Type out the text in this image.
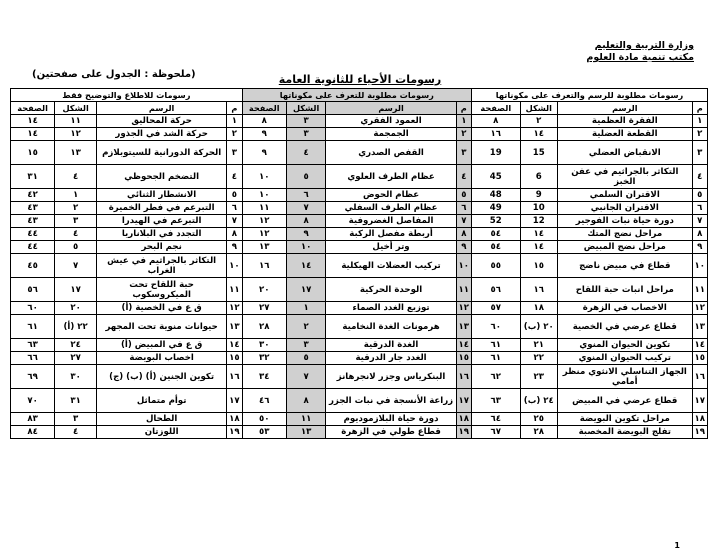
وزارة التربية والتعليم
مكتب تنمية مادة العلوم
رسومات الأحياء للثانوية العامة
(ملحوظة : الجدول على صفحتين)
رسومات مطلوبة للرسم والتعرف على مكوناتها				رسومات مطلوبة للتعرف على مكوناتها				رسومات للاطلاع والتوضيح فقط			
م	الرسم	الشكل	الصفحة	م	الرسم	الشكل	الصفحة	م	الرسم	الشكل	الصفحة
١	الفقرة العظمية	٢	٨	١	العمود الفقري	٣	٨	١	حركة المحاليق	١١	١٤
٢	القطعة العضلية	١٤	١٦	٢	الجمجمة	٣	٩	٢	حركة الشد في الجذور	١٢	١٤
٣	الانقباض العضلي	15	19	٣	القفص الصدري	٤	٩	٣	الحركة الدورانية للسيتوبلازم	١٣	١٥
٤	التكاثر بالجراثيم في عفن الخبز	6	45	٤	عظام الطرف العلوي	٥	١٠	٤	التضخم الجحوظي	٤	٣١
٥	الاقتران السلمي	9	48	٥	عظام الحوض	٦	١٠	٥	الانشطار الثنائي	١	٤٢
٦	الاقتران الجانبي	10	49	٦	عظام الطرف السفلي	٧	١١	٦	التبرعم في فطر الخميرة	٢	٤٣
٧	دورة حياة نبات الفوجير	12	52	٧	المفاصل الغضروفية	٨	١٢	٧	التبرعم في الهيدرا	٣	٤٣
٨	مراحل نضج المتك	١٤	٥٤	٨	أربطة مفصل الركبة	٩	١٢	٨	التجدد في البلاناريا	٤	٤٤
٩	مراحل نضج المبيض	١٤	٥٤	٩	وتر أخيل	١٠	١٣	٩	نجم البحر	٥	٤٤
١٠	قطاع في مبيض ناضج	١٥	٥٥	١٠	تركيب العضلات الهيكلية	١٤	١٦	١٠	التكاثر بالجراثيم في عيش الغراب	٧	٤٥
١١	مراحل انبات حبة اللقاح	١٦	٥٦	١١	الوحدة الحركية	١٧	٢٠	١١	حبة اللقاح تحت الميكروسكوب	١٧	٥٦
١٢	الاخصاب في الزهرة	١٨	٥٧	١٢	توزيع الغدد الصماء	١	٢٧	١٢	ق ع في الخصية (أ)	٢٠	٦٠
١٣	قطاع عرضي في الخصية	٢٠ (ب)	٦٠	١٣	هرمونات الغدة النخامية	٢	٢٨	١٣	حيوانات منوية تحت المجهر	٢٢ (أ)	٦١
١٤	تكوين الحيوان المنوي	٢١	٦١	١٤	الغدة الدرقية	٣	٣٠	١٤	ق ع في المبيض (أ)	٢٤	٦٣
١٥	تركيب الحيوان المنوي	٢٢	٦١	١٥	الغدد جار الدرقية	٥	٣٢	١٥	اخصاب البويضة	٢٧	٦٦
١٦	الجهاز التناسلي الانثوي منظر أمامي	٢٣	٦٢	١٦	البنكرياس وجزر لانجرهانز	٧	٣٤	١٦	تكوين الجنين (أ) (ب) (ج)	٣٠	٦٩
١٧	قطاع عرضي في المبيض	٢٤ (ب)	٦٣	١٧	زراعة الأنسجة في نبات الجزر	٨	٤٦	١٧	توأم متماثل	٣١	٧٠
١٨	مراحل تكوين البويضة	٢٥	٦٤	١٨	دورة حياة البلازموديوم	١١	٥٠	١٨	الطحال	٣	٨٣
١٩	تفلج البويضة المخصبة	٢٨	٦٧	١٩	قطاع طولي في الزهرة	١٣	٥٣	١٩	اللوزتان	٤	٨٤
1
